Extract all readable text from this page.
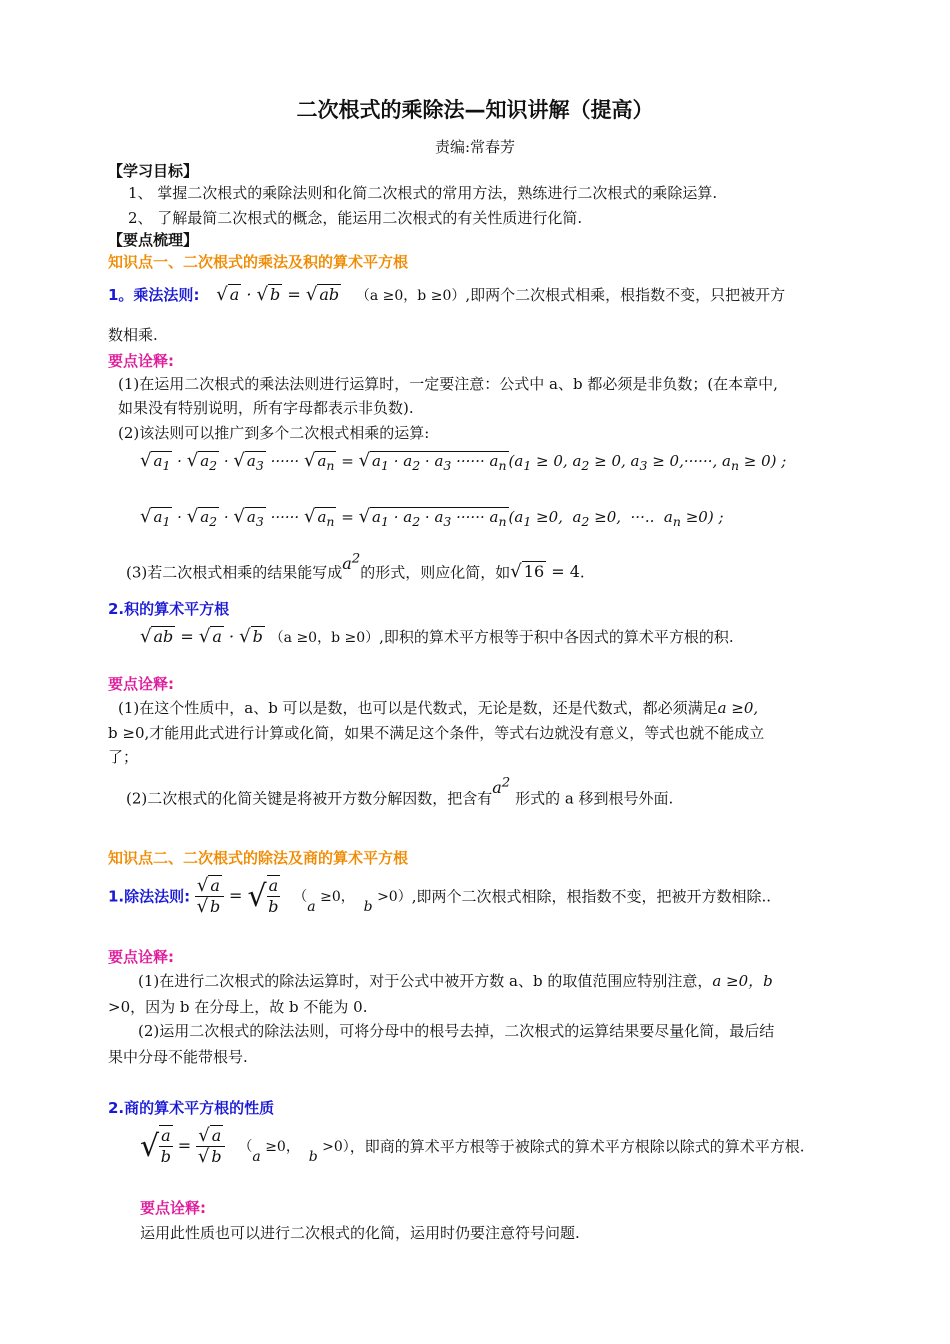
二次根式的乘除法—知识讲解（提高）
责编:常春芳
【学习目标】
1、 掌握二次根式的乘除法则和化简二次根式的常用方法，熟练进行二次根式的乘除运算.
2、 了解最简二次根式的概念，能运用二次根式的有关性质进行化简.
【要点梳理】
知识点一、二次根式的乘法及积的算术平方根
1。乘法法则: √ a · √ b = √ ab （a ≥0，b ≥0）,即两个二次根式相乘，根指数不变，只把被开方
数相乘.
要点诠释:
(1)在运用二次根式的乘法法则进行运算时，一定要注意：公式中 a、b 都必须是非负数；(在本章中,
如果没有特别说明，所有字母都表示非负数).
(2)该法则可以推广到多个二次根式相乘的运算:
√ $a_1$ · √ $a_2$ · √ $a_3$ ······ √ $a_n$ = √ $a_1 \cdot a_2 \cdot a_3$ ······ $a_n$ ($a_1 \ge 0$, $a_2 \ge 0$, $a_3 \ge 0,\cdot\cdot\cdot\cdot\cdot\cdot$, $a_n \ge 0$) ;
√ $a_1$ · √ $a_2$ · √ $a_3$ ······ √ $a_n$ = √ $a_1 \cdot a_2 \cdot a_3$ ······ $a_n$ ($a_1 \ge 0$,  $a_2 \ge 0$,  ···..  $a_n \ge 0$) ;
(3)若二次根式相乘的结果能写成$a^2$的形式，则应化简，如√ 16 = 4.
2.积的算术平方根
√ ab = √ a · √ b （a ≥0，b ≥0）,即积的算术平方根等于积中各因式的算术平方根的积.
要点诠释:
(1)在这个性质中，a、b 可以是数，也可以是代数式，无论是数，还是代数式，都必须满足a ≥0,
b ≥0,才能用此式进行计算或化简，如果不满足这个条件，等式右边就没有意义，等式也就不能成立
了；
(2)二次根式的化简关键是将被开方数分解因数，把含有$a^2$ 形式的 a 移到根号外面.
知识点二、二次根式的除法及商的算术平方根
1.除法法则: $\frac{√ a}{√ b}$ = √ $\frac{a}{b} (a \ge 0$，  b >0）,即两个二次根式相除，根指数不变，把被开方数相除..
要点诠释:
(1)在进行二次根式的除法运算时，对于公式中被开方数 a、b 的取值范围应特别注意，a ≥0，b
>0，因为 b 在分母上，故 b 不能为 0.
(2)运用二次根式的除法法则，可将分母中的根号去掉，二次根式的运算结果要尽量化简，最后结
果中分母不能带根号.
2.商的算术平方根的性质
√ $\frac{a}{b} = \frac{√ a}{√ b} (a \ge 0$，  b >0），即商的算术平方根等于被除式的算术平方根除以除式的算术平方根.
要点诠释:
运用此性质也可以进行二次根式的化简，运用时仍要注意符号问题.
